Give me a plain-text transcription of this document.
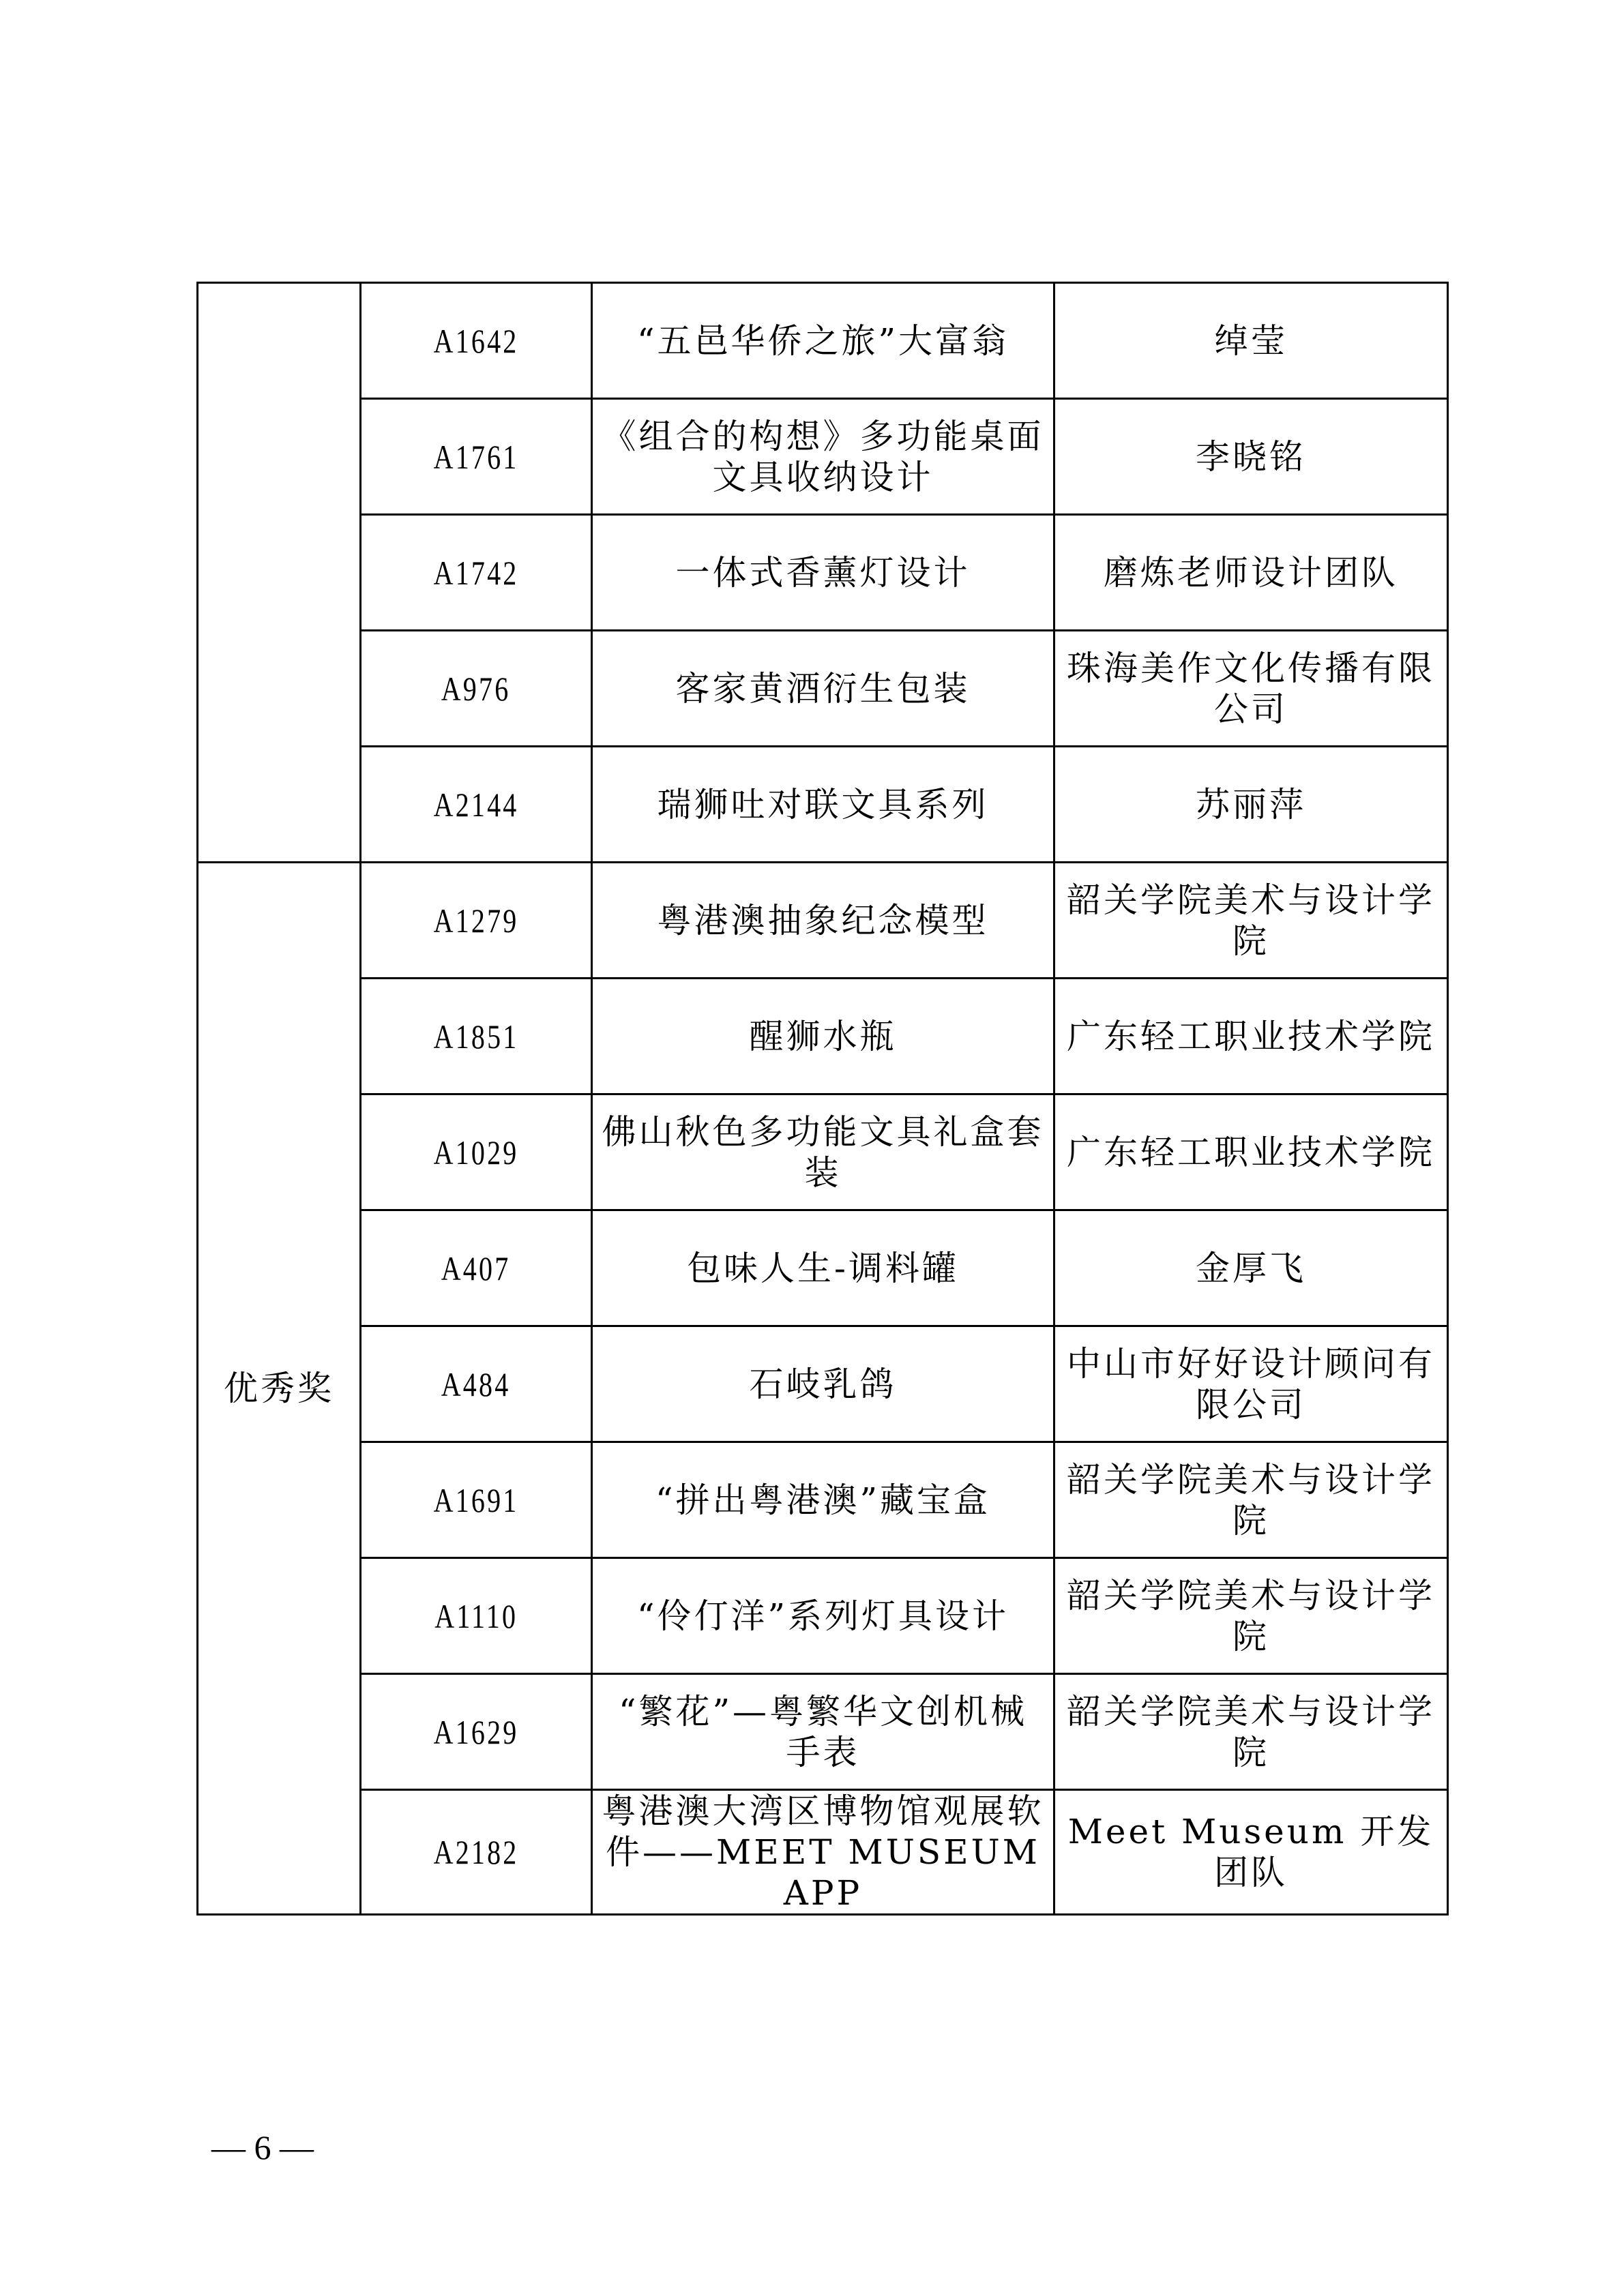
	A1642	“五邑华侨之旅”大富翁	绰莹
	A1761	《组合的构想》多功能桌面文具收纳设计	李晓铭
	A1742	一体式香薰灯设计	磨炼老师设计团队
	A976	客家黄酒衍生包装	珠海美作文化传播有限公司
	A2144	瑞狮吐对联文具系列	苏丽萍
优秀奖	A1279	粤港澳抽象纪念模型	韶关学院美术与设计学院
	A1851	醒狮水瓶	广东轻工职业技术学院
	A1029	佛山秋色多功能文具礼盒套装	广东轻工职业技术学院
	A407	包味人生-调料罐	金厚飞
	A484	石岐乳鸽	中山市好好设计顾问有 限公司
	A1691	“拼出粤港澳”藏宝盒	韶关学院美术与设计学院
	A1110	“伶仃洋”系列灯具设计	韶关学院美术与设计学院
	A1629	“繁花”—粤繁华文创机械手表	韶关学院美术与设计学院
	A2182	粤港澳大湾区博物馆观展软件——MEET MUSEUM APP	Meet Museum 开发团队
— 6 —
